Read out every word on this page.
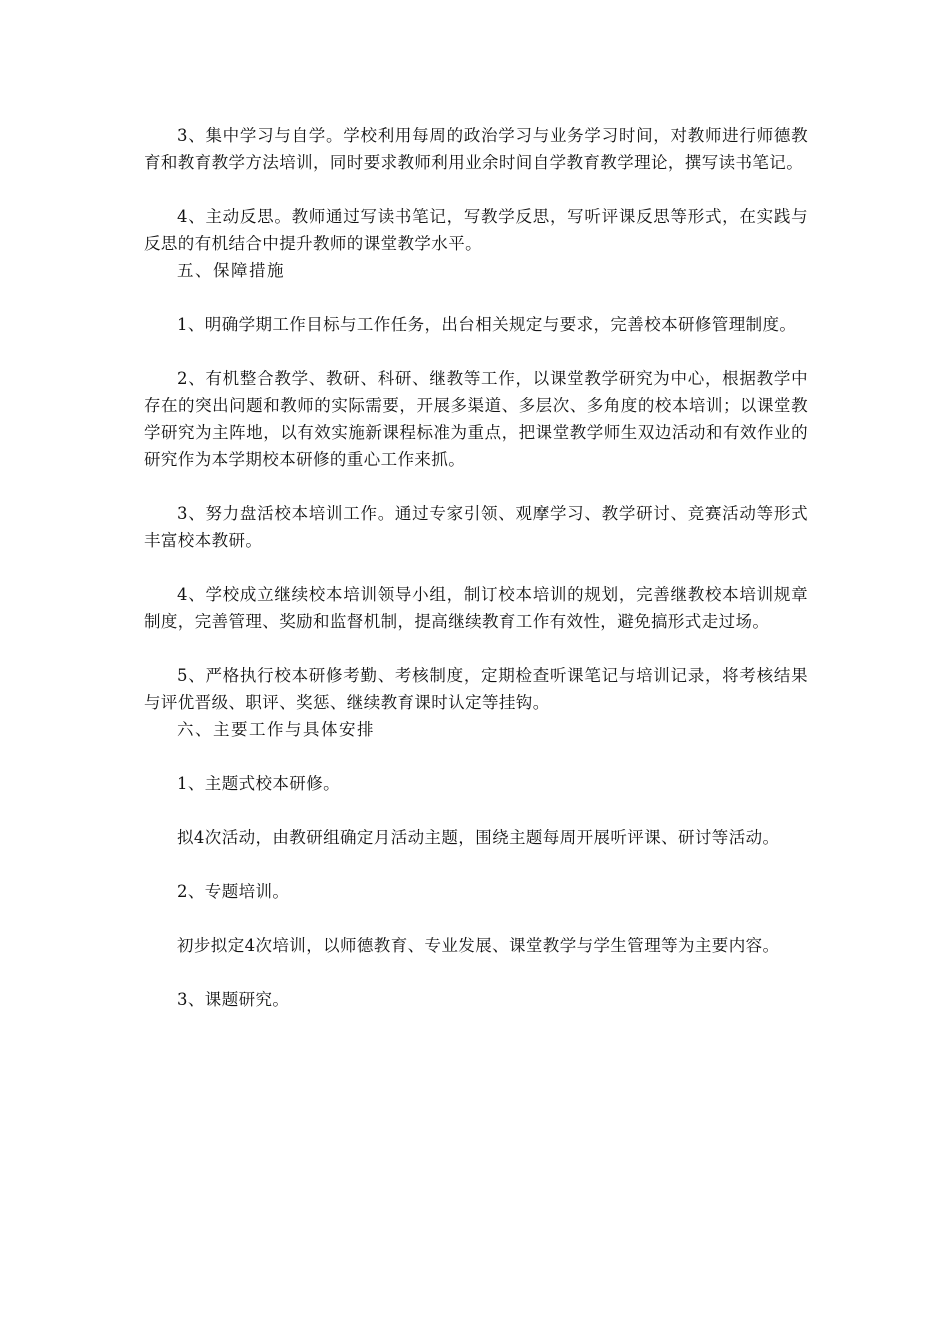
3、集中学习与自学。学校利用每周的政治学习与业务学习时间，对教师进行师德教育和教育教学方法培训，同时要求教师利用业余时间自学教育教学理论，撰写读书笔记。

4、主动反思。教师通过写读书笔记，写教学反思，写听评课反思等形式，在实践与反思的有机结合中提升教师的课堂教学水平。

五、保障措施

1、明确学期工作目标与工作任务，出台相关规定与要求，完善校本研修管理制度。

2、有机整合教学、教研、科研、继教等工作，以课堂教学研究为中心，根据教学中存在的突出问题和教师的实际需要，开展多渠道、多层次、多角度的校本培训；以课堂教学研究为主阵地，以有效实施新课程标准为重点，把课堂教学师生双边活动和有效作业的研究作为本学期校本研修的重心工作来抓。

3、努力盘活校本培训工作。通过专家引领、观摩学习、教学研讨、竞赛活动等形式丰富校本教研。

4、学校成立继续校本培训领导小组，制订校本培训的规划，完善继教校本培训规章制度，完善管理、奖励和监督机制，提高继续教育工作有效性，避免搞形式走过场。

5、严格执行校本研修考勤、考核制度，定期检查听课笔记与培训记录，将考核结果与评优晋级、职评、奖惩、继续教育课时认定等挂钩。

六、主要工作与具体安排

1、主题式校本研修。

拟4次活动，由教研组确定月活动主题，围绕主题每周开展听评课、研讨等活动。

2、专题培训。

初步拟定4次培训，以师德教育、专业发展、课堂教学与学生管理等为主要内容。

3、课题研究。
